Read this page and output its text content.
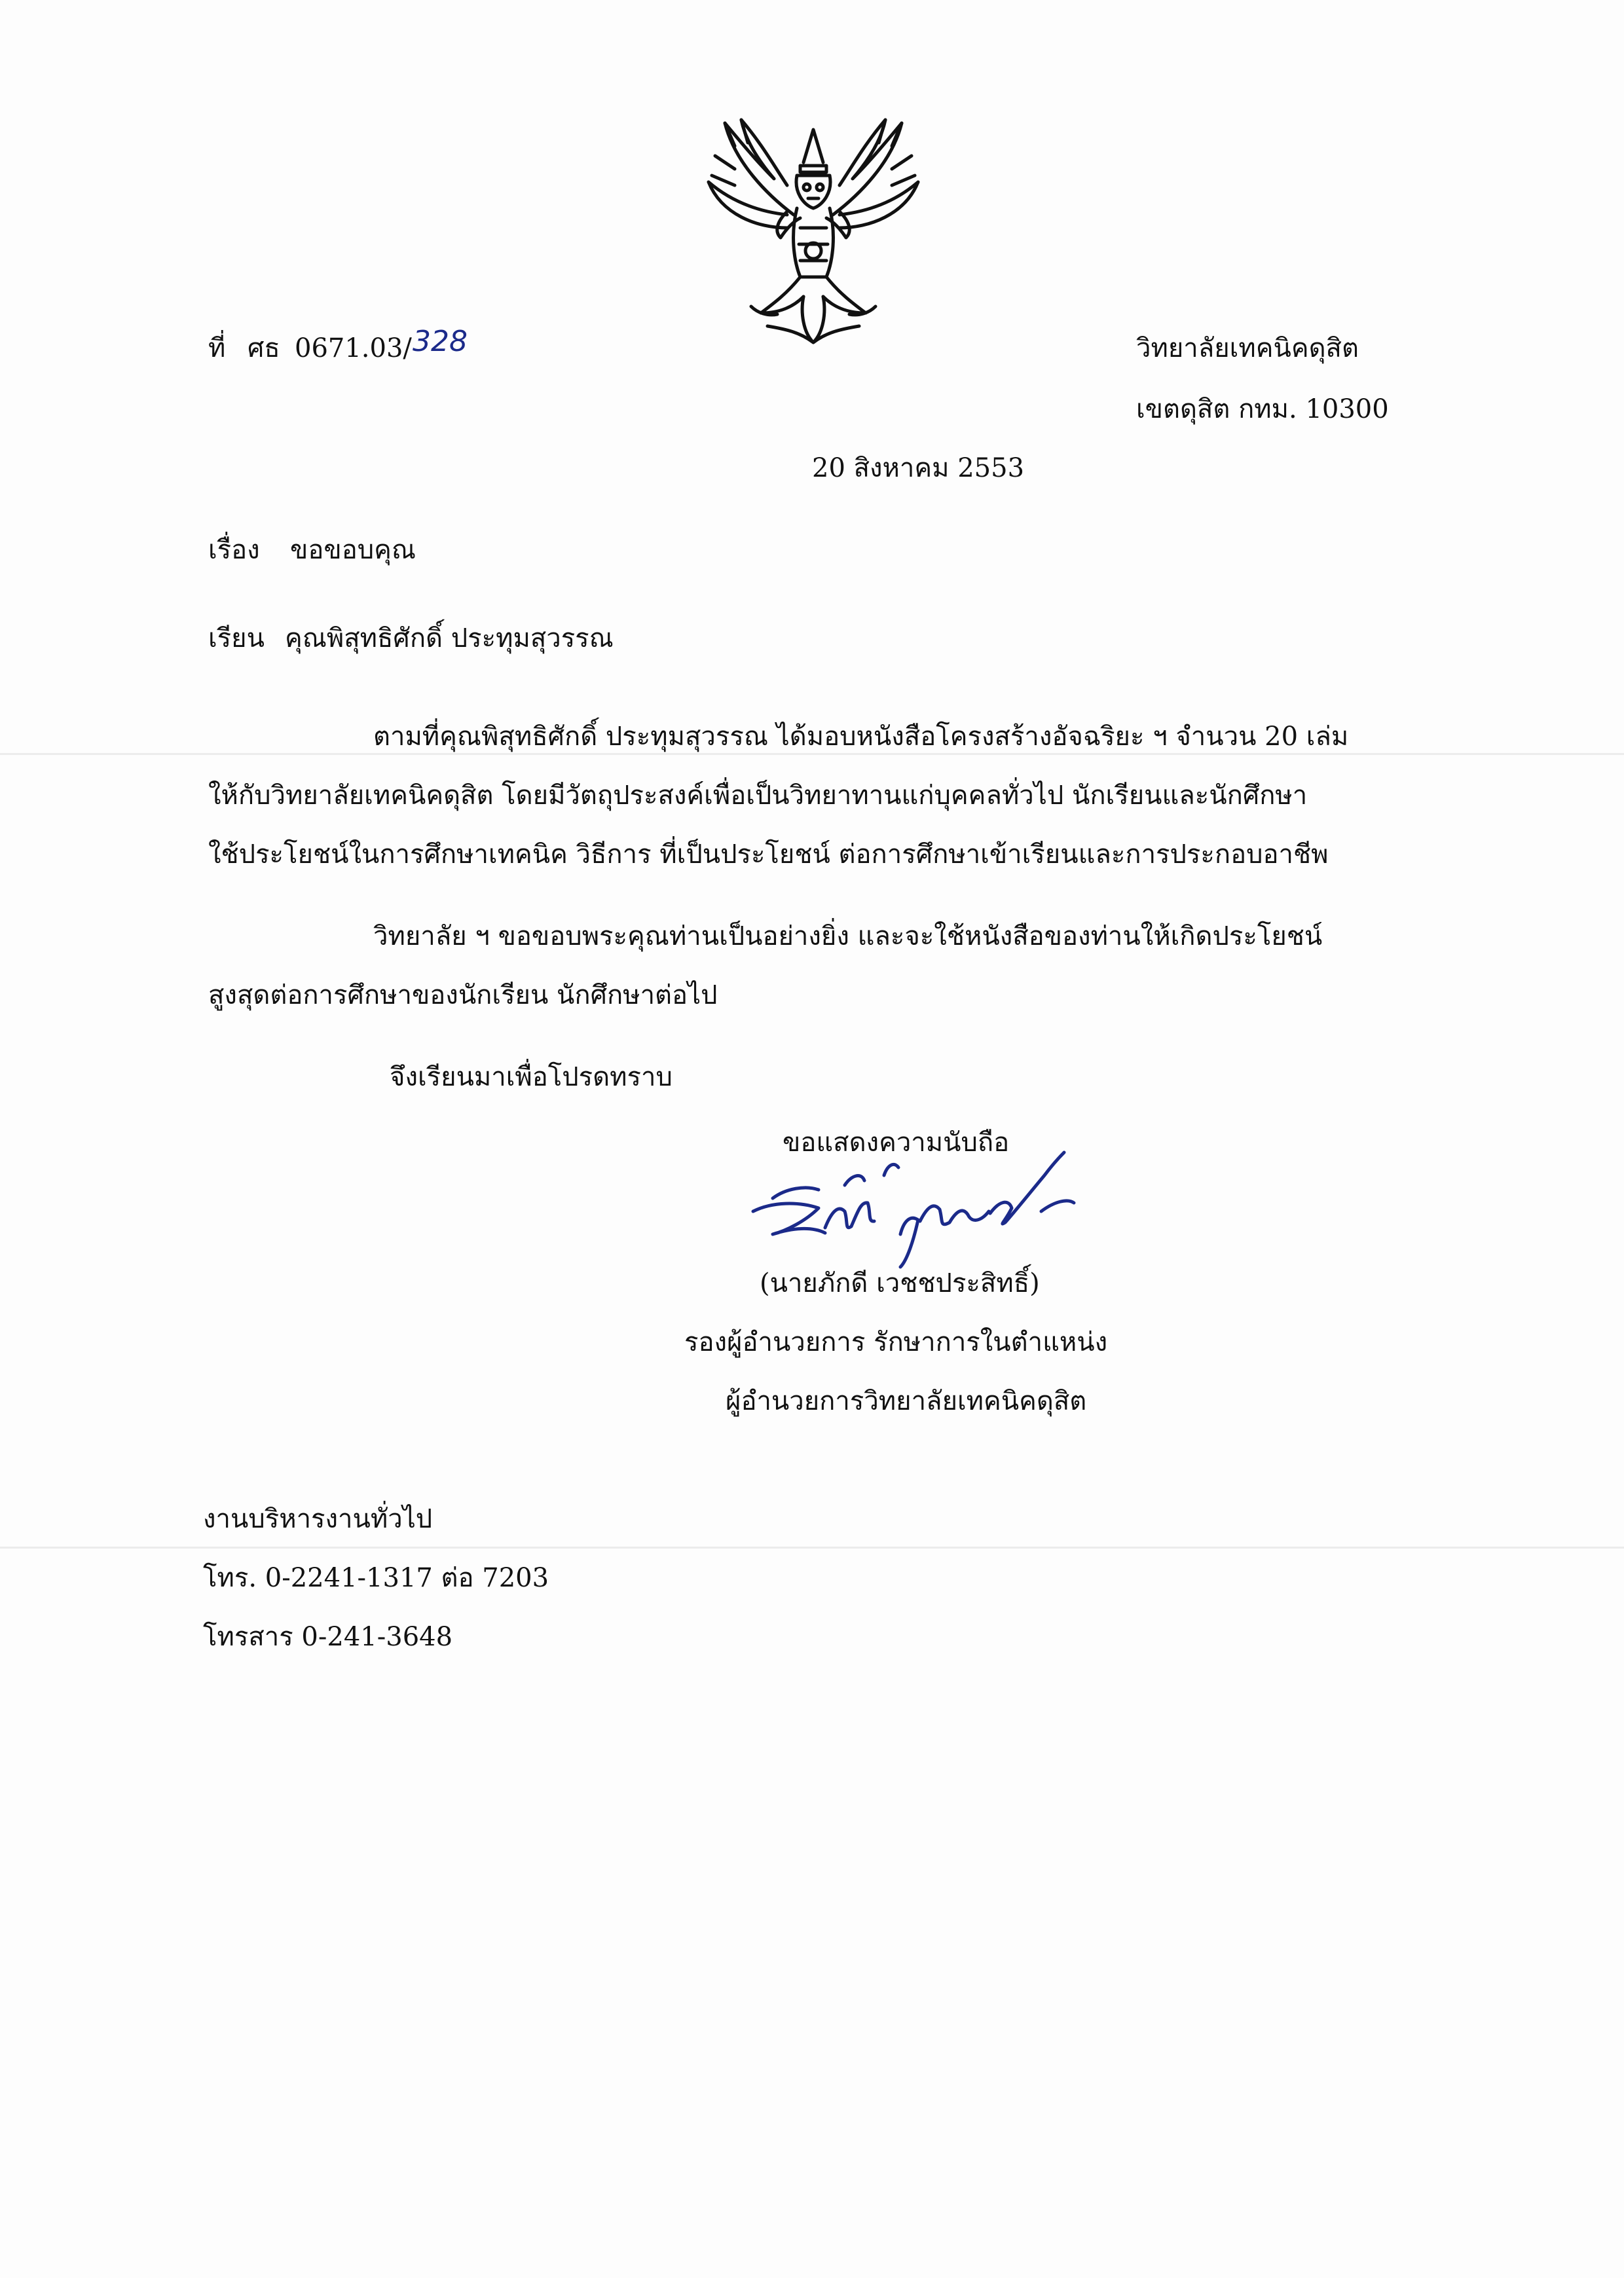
ที่ ศธ 0671.03/ 328	วิทยาลัยเทคนิคดุสิต
เขตดุสิต กทม. 10300
20 สิงหาคม 2553
เรื่อง ขอขอบคุณ
เรียน คุณพิสุทธิศักดิ์ ประทุมสุวรรณ
ตามที่คุณพิสุทธิศักดิ์ ประทุมสุวรรณ ได้มอบหนังสือโครงสร้างอัจฉริยะ ฯ จำนวน 20 เล่ม
ให้กับวิทยาลัยเทคนิคดุสิต โดยมีวัตถุประสงค์เพื่อเป็นวิทยาทานแก่บุคคลทั่วไป นักเรียนและนักศึกษา
ใช้ประโยชน์ในการศึกษาเทคนิค วิธีการ ที่เป็นประโยชน์ ต่อการศึกษาเข้าเรียนและการประกอบอาชีพ
วิทยาลัย ฯ ขอขอบพระคุณท่านเป็นอย่างยิ่ง และจะใช้หนังสือของท่านให้เกิดประโยชน์
สูงสุดต่อการศึกษาของนักเรียน นักศึกษาต่อไป
จึงเรียนมาเพื่อโปรดทราบ
ขอแสดงความนับถือ
(นายภักดี เวชชประสิทธิ์)
รองผู้อำนวยการ รักษาการในตำแหน่ง
ผู้อำนวยการวิทยาลัยเทคนิคดุสิต
งานบริหารงานทั่วไป
โทร. 0-2241-1317 ต่อ 7203
โทรสาร 0-241-3648
